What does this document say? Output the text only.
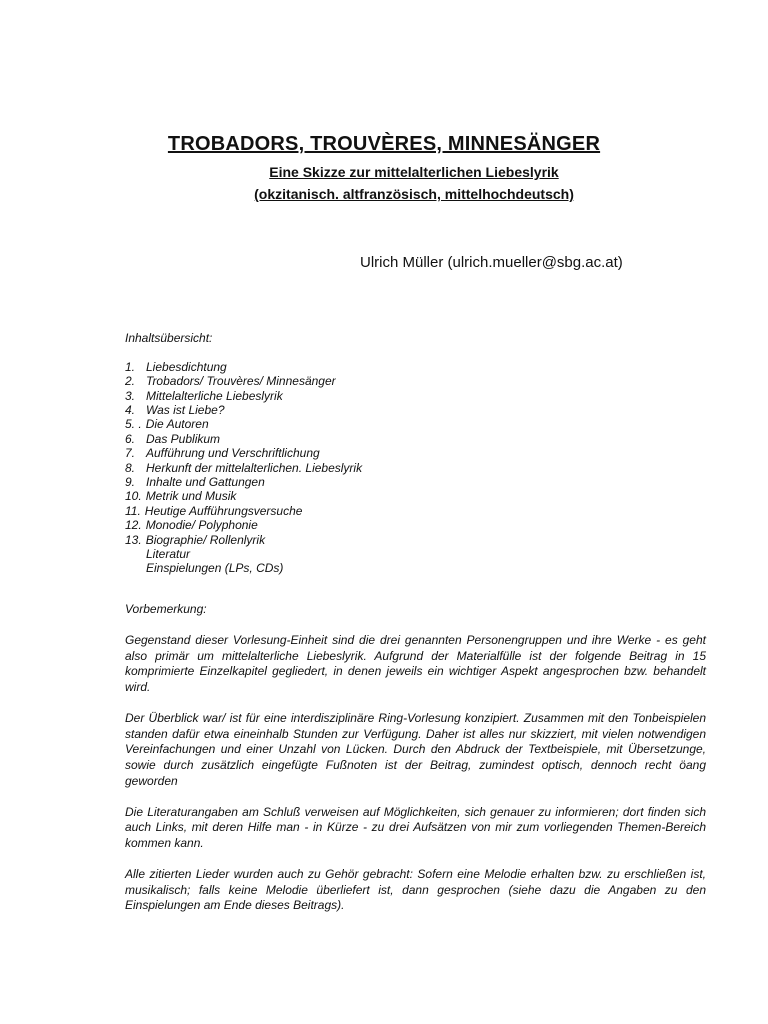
TROBADORS, TROUVÈRES, MINNESÄNGER

Eine Skizze zur mittelalterlichen Liebeslyrik

(okzitanisch. altfranzösisch, mittelhochdeutsch)

Ulrich Müller (ulrich.mueller@sbg.ac.at)

Inhaltsübersicht:

1. Liebesdichtung
2. Trobadors/ Trouvères/ Minnesänger
3. Mittelalterliche Liebeslyrik
4. Was ist Liebe?
5. . Die Autoren
6. Das Publikum
7. Aufführung und Verschriftlichung
8. Herkunft der mittelalterlichen. Liebeslyrik
9. Inhalte und Gattungen
10. Metrik und Musik
11. Heutige Aufführungsversuche
12. Monodie/ Polyphonie
13. Biographie/ Rollenlyrik
Literatur
Einspielungen (LPs, CDs)

Vorbemerkung:

Gegenstand dieser Vorlesung-Einheit sind die drei genannten Personengruppen und ihre Werke - es geht also primär um mittelalterliche Liebeslyrik. Aufgrund der Materialfülle ist der folgende Beitrag in 15 komprimierte Einzelkapitel gegliedert, in denen jeweils ein wichtiger Aspekt angesprochen bzw. behandelt wird.

Der Überblick war/ ist für eine interdisziplinäre Ring-Vorlesung konzipiert. Zusammen mit den Tonbeispielen standen dafür etwa eineinhalb Stunden zur Verfügung. Daher ist alles nur skizziert, mit vielen notwendigen Vereinfachungen und einer Unzahl von Lücken. Durch den Abdruck der Textbeispiele, mit Übersetzunge, sowie durch zusätzlich eingefügte Fußnoten ist der Beitrag, zumindest optisch, dennoch recht öang geworden

Die Literaturangaben am Schluß verweisen auf Möglichkeiten, sich genauer zu informieren; dort finden sich auch Links, mit deren Hilfe man - in Kürze - zu drei Aufsätzen von mir zum vorliegenden Themen-Bereich kommen kann.

Alle zitierten Lieder wurden auch zu Gehör gebracht: Sofern eine Melodie erhalten bzw. zu erschließen ist, musikalisch; falls keine Melodie überliefert ist, dann gesprochen (siehe dazu die Angaben zu den Einspielungen am Ende dieses Beitrags).
